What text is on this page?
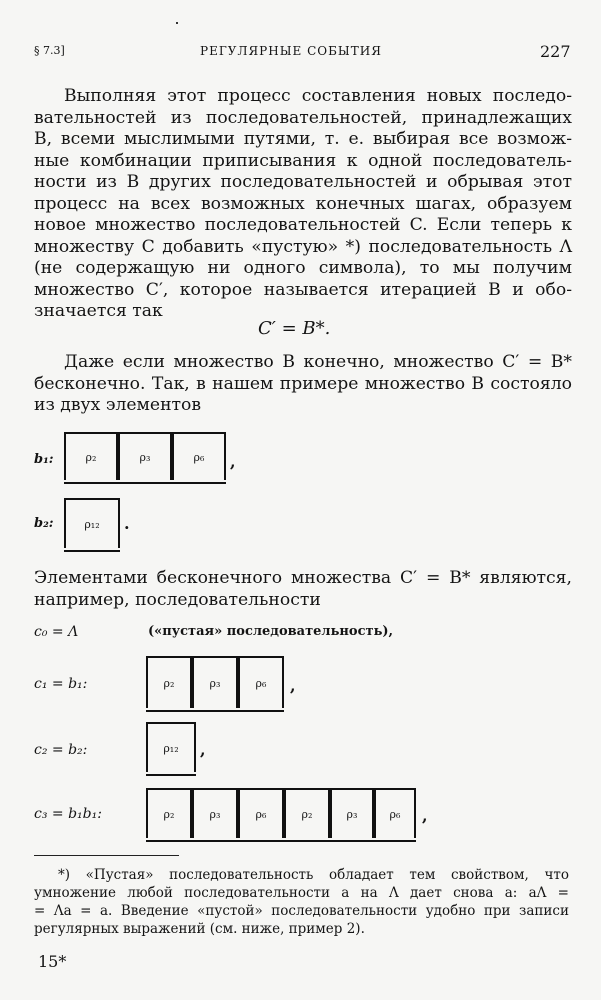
§ 7.3]	РЕГУЛЯРНЫЕ СОБЫТИЯ	227
Выполняя этот процесс составления новых последо-
вательностей из последовательностей, принадлежащих
B, всеми мыслимыми путями, т. е. выбирая все возмож-
ные комбинации приписывания к одной последователь-
ности из B других последовательностей и обрывая этот
процесс на всех возможных конечных шагах, образуем
новое множество последовательностей C. Если теперь к
множеству C добавить «пустую» *) последовательность Λ
(не содержащую ни одного символа), то мы получим
множество C′, которое называется итерацией B и обо-
значается так
C′ = B*.
Даже если множество B конечно, множество C′ = B*
бесконечно. Так, в нашем примере множество B состояло
из двух элементов
b₁:	ρ₂	ρ₃	ρ₆	,
b₂:	ρ₁₂	.
Элементами бесконечного множества C′ = B* являются,
например, последовательности
c₀ = Λ	(«пустая» последовательность),
c₁ = b₁:	ρ₂	ρ₃	ρ₆	,
c₂ = b₂:	ρ₁₂	,
c₃ = b₁b₁:	ρ₂	ρ₃	ρ₆	ρ₂	ρ₃	ρ₆	,
*) «Пустая» последовательность обладает тем свойством, что
умножение любой последовательности a на Λ дает снова a: aΛ =
= Λa = a. Введение «пустой» последовательности удобно при записи
регулярных выражений (см. ниже, пример 2).
15*
